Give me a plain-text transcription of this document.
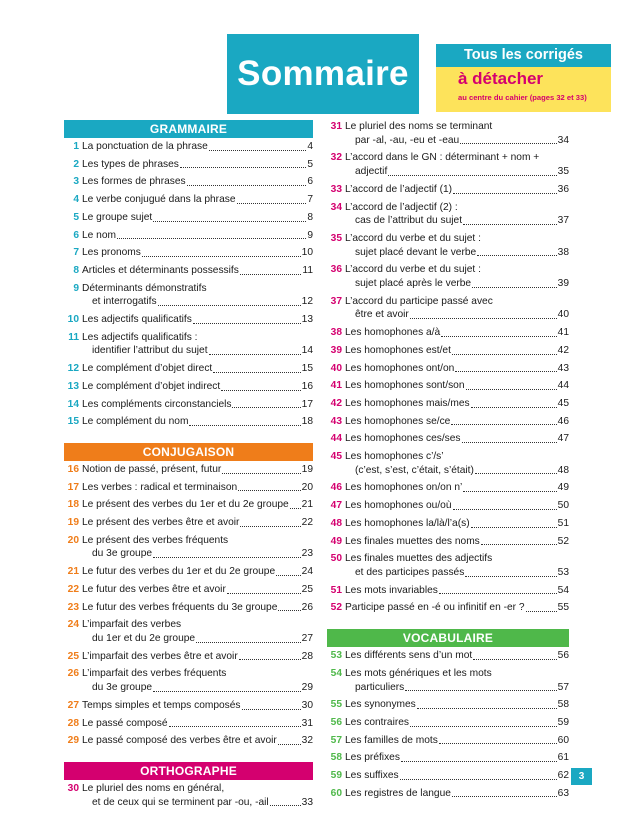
Sommaire	Tous les corrigés
à détacher
au centre du cahier (pages 32 et 33)
GRAMMAIRE
1 La ponctuation de la phrase	4
2 Les types de phrases	5
3 Les formes de phrases	6
4 Le verbe conjugué dans la phrase	7
5 Le groupe sujet	8
6 Le nom	9
7 Les pronoms	10
8 Articles et déterminants possessifs	11
9 Déterminants démonstratifs
et interrogatifs	12
10 Les adjectifs qualificatifs	13
11 Les adjectifs qualificatifs :
identifier l’attribut du sujet	14
12 Le complément d’objet direct	15
13 Le complément d’objet indirect	16
14 Les compléments circonstanciels	17
15 Le complément du nom	18
CONJUGAISON
16 Notion de passé, présent, futur	19
17 Les verbes : radical et terminaison	20
18 Le présent des verbes du 1er et du 2e groupe 21
19 Le présent des verbes être et avoir	22
20 Le présent des verbes fréquents
du 3e groupe	23
21 Le futur des verbes du 1er et du 2e groupe	24
22 Le futur des verbes être et avoir	25
23 Le futur des verbes fréquents du 3e groupe 26
24 L’imparfait des verbes
du 1er et du 2e groupe	27
25 L’imparfait des verbes être et avoir	28
26 L’imparfait des verbes fréquents
du 3e groupe	29
27 Temps simples et temps composés	30
28 Le passé composé	31
29 Le passé composé des verbes être et avoir 32
ORTHOGRAPHE
30 Le pluriel des noms en général,
et de ceux qui se terminent par -ou, -ail	33
31 Le pluriel des noms se terminant
par -al, -au, -eu et -eau	34
32 L’accord dans le GN : déterminant + nom +
adjectif	35
33 L’accord de l’adjectif (1)	36
34 L’accord de l’adjectif (2) :
cas de l’attribut du sujet	37
35 L’accord du verbe et du sujet :
sujet placé devant le verbe	38
36 L’accord du verbe et du sujet :
sujet placé après le verbe	39
37 L’accord du participe passé avec
être et avoir	40
38 Les homophones a/à	41
39 Les homophones est/et	42
40 Les homophones ont/on	43
41 Les homophones sont/son	44
42 Les homophones mais/mes	45
43 Les homophones se/ce	46
44 Les homophones ces/ses	47
45 Les homophones c’/s’
(c’est, s’est, c’était, s’était)	48
46 Les homophones on/on n’	49
47 Les homophones ou/où	50
48 Les homophones la/là/l’a(s)	51
49 Les finales muettes des noms	52
50 Les finales muettes des adjectifs
et des participes passés	53
51 Les mots invariables	54
52 Participe passé en -é ou infinitif en -er ?	55
VOCABULAIRE
53 Les différents sens d’un mot	56
54 Les mots génériques et les mots
particuliers	57
55 Les synonymes	58
56 Les contraires	59
57 Les familles de mots	60
58 Les préfixes	61
59 Les suffixes	62
60 Les registres de langue	63
3
